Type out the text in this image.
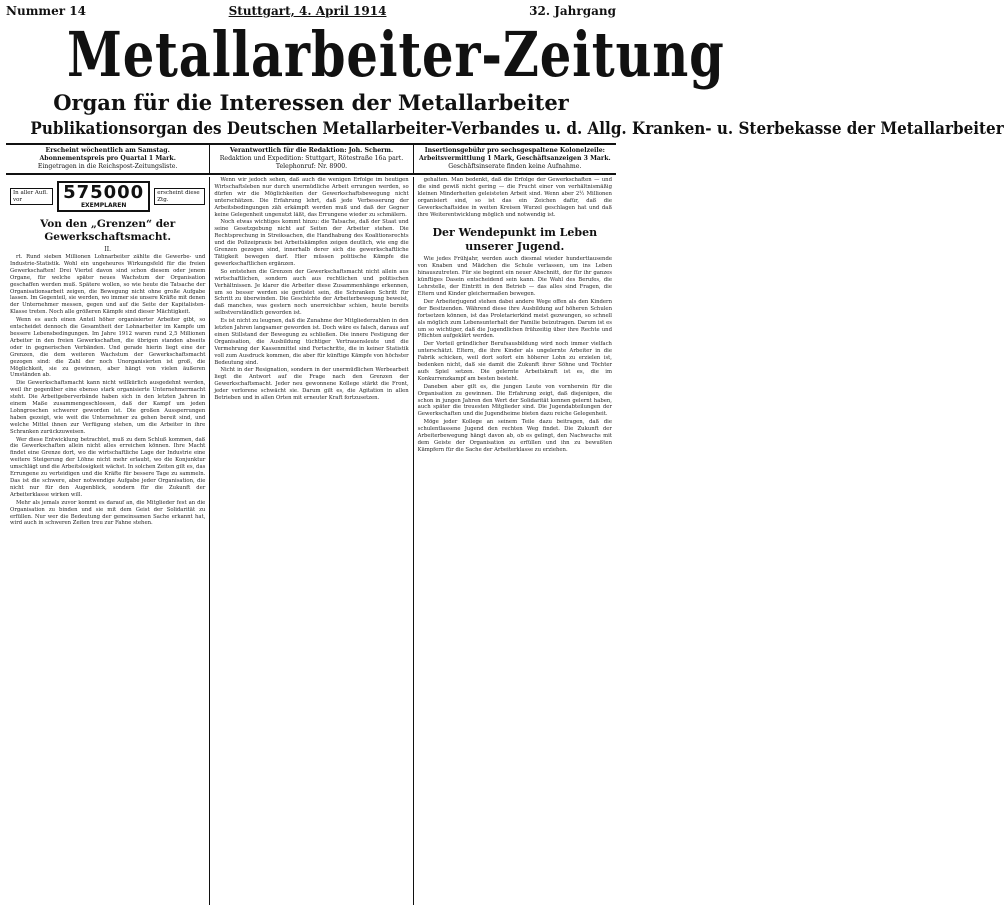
Nummer 14	Stuttgart, 4. April 1914	32. Jahrgang
Metallarbeiter-Zeitung
Organ für die Interessen der Metallarbeiter
Publikationsorgan des Deutschen Metallarbeiter-Verbandes u. d. Allg. Kranken- u. Sterbekasse der Metallarbeiter
Erscheint wöchentlich am Samstag.
Abonnementspreis pro Quartal 1 Mark.
Eingetragen in die Reichspost-Zeitungsliste.
Verantwortlich für die Redaktion: Joh. Scherm.
Redaktion und Expedition: Stuttgart, Rötestraße 16a part.
Telephonruf: Nr. 8900.
Insertionsgebühr pro sechsgespaltene Kolonelzeile:
Arbeitsvermittlung 1 Mark, Geschäftsanzeigen 3 Mark.
Geschäftsinserate finden keine Aufnahme.
In aller Aufl. vor	575000
EXEMPLAREN
erscheint diese Ztg.
Von den „Grenzen“ der Gewerkschaftsmacht.
II.

rt. Rund sieben Millionen Lohnarbeiter zählte die Gewerbe- und Industrie-Statistik. Wohl ein ungeheures Wirkungsfeld für die freien Gewerkschaften! Drei Viertel davon sind schon diesem oder jenem Organe, für welche später neues Wachstum der Organisation geschaffen werden muß. Spätere wollen, so wie heute die Tatsache der Organisationsarbeit zeigen, die Bewegung nicht ohne große Aufgabe lassen. Im Gegenteil, sie werden, wo immer sie unsere Kräfte mit denen der Unternehmer messen, gegen und auf die Seite der Kapitalisten-Klasse treten. Noch alle größeren Kämpfe sind dieser Mächtigkeit.

Wenn es auch einen Anteil höher organisierter Arbeiter gibt, so entscheidet dennoch die Gesamtheit der Lohnarbeiter im Kampfe um bessere Lebensbedingungen. Im Jahre 1912 waren rund 2,5 Millionen Arbeiter in den freien Gewerkschaften, die übrigen standen abseits oder in gegnerischen Verbänden. Und gerade hierin liegt eine der Grenzen, die dem weiteren Wachstum der Gewerkschaftsmacht gezogen sind: die Zahl der noch Unorganisierten ist groß, die Möglichkeit, sie zu gewinnen, aber hängt von vielen äußeren Umständen ab.

Die Gewerkschaftsmacht kann nicht willkürlich ausgedehnt werden, weil ihr gegenüber eine ebenso stark organisierte Unternehmermacht steht. Die Arbeitgeberverbände haben sich in den letzten Jahren in einem Maße zusammengeschlossen, daß der Kampf um jeden Lohngroschen schwerer geworden ist. Die großen Aussperrungen haben gezeigt, wie weit die Unternehmer zu gehen bereit sind, und welche Mittel ihnen zur Verfügung stehen, um die Arbeiter in ihre Schranken zurückzuweisen.

Wer diese Entwicklung betrachtet, muß zu dem Schluß kommen, daß die Gewerkschaften allein nicht alles erreichen können. Ihre Macht findet eine Grenze dort, wo die wirtschaftliche Lage der Industrie eine weitere Steigerung der Löhne nicht mehr erlaubt, wo die Konjunktur umschlägt und die Arbeitslosigkeit wächst. In solchen Zeiten gilt es, das Errungene zu verteidigen und die Kräfte für bessere Tage zu sammeln. Das ist die schwere, aber notwendige Aufgabe jeder Organisation, die nicht nur für den Augenblick, sondern für die Zukunft der Arbeiterklasse wirken will.

Mehr als jemals zuvor kommt es darauf an, die Mitglieder fest an die Organisation zu binden und sie mit dem Geist der Solidarität zu erfüllen. Nur wer die Bedeutung der gemeinsamen Sache erkannt hat, wird auch in schweren Zeiten treu zur Fahne stehen.

Wenn wir jedoch sehen, daß auch die wenigen Erfolge im heutigen Wirtschaftsleben nur durch unermüdliche Arbeit errungen werden, so dürfen wir die Möglichkeiten der Gewerkschaftsbewegung nicht unterschätzen. Die Erfahrung lehrt, daß jede Verbesserung der Arbeitsbedingungen zäh erkämpft werden muß und daß der Gegner keine Gelegenheit ungenutzt läßt, das Errungene wieder zu schmälern.

Noch etwas wichtiges kommt hinzu: die Tatsache, daß der Staat und seine Gesetzgebung nicht auf Seiten der Arbeiter stehen. Die Rechtsprechung in Streiksachen, die Handhabung des Koalitionsrechts und die Polizeipraxis bei Arbeitskämpfen zeigen deutlich, wie eng die Grenzen gezogen sind, innerhalb derer sich die gewerkschaftliche Tätigkeit bewegen darf. Hier müssen politische Kämpfe die gewerkschaftlichen ergänzen.

So entstehen die Grenzen der Gewerkschaftsmacht nicht allein aus wirtschaftlichen, sondern auch aus rechtlichen und politischen Verhältnissen. Je klarer die Arbeiter diese Zusammenhänge erkennen, um so besser werden sie gerüstet sein, die Schranken Schritt für Schritt zu überwinden. Die Geschichte der Arbeiterbewegung beweist, daß manches, was gestern noch unerreichbar schien, heute bereits selbstverständlich geworden ist.

Es ist nicht zu leugnen, daß die Zunahme der Mitgliederzahlen in den letzten Jahren langsamer geworden ist. Doch wäre es falsch, daraus auf einen Stillstand der Bewegung zu schließen. Die innere Festigung der Organisation, die Ausbildung tüchtiger Vertrauensleute und die Vermehrung der Kassenmittel sind Fortschritte, die in keiner Statistik voll zum Ausdruck kommen, die aber für künftige Kämpfe von höchster Bedeutung sind.

Nicht in der Resignation, sondern in der unermüdlichen Werbearbeit liegt die Antwort auf die Frage nach den Grenzen der Gewerkschaftsmacht. Jeder neu gewonnene Kollege stärkt die Front, jeder verlorene schwächt sie. Darum gilt es, die Agitation in allen Betrieben und in allen Orten mit erneuter Kraft fortzusetzen.

gehalten. Man bedenkt, daß die Erfolge der Gewerkschaften — und die sind gewiß nicht gering — die Frucht einer von verhältnismäßig kleinen Minderheiten geleisteten Arbeit sind. Wenn aber 2½ Millionen organisiert sind, so ist das ein Zeichen dafür, daß die Gewerkschaftsidee in weiten Kreisen Wurzel geschlagen hat und daß ihre Weiterentwicklung möglich und notwendig ist.

Der Wendepunkt im Leben unserer Jugend.

Wie jedes Frühjahr, werden auch diesmal wieder hunderttausende von Knaben und Mädchen die Schule verlassen, um ins Leben hinauszutreten. Für sie beginnt ein neuer Abschnitt, der für ihr ganzes künftiges Dasein entscheidend sein kann. Die Wahl des Berufes, die Lehrstelle, der Eintritt in den Betrieb — das alles sind Fragen, die Eltern und Kinder gleichermaßen bewegen.

Der Arbeiterjugend stehen dabei andere Wege offen als den Kindern der Besitzenden. Während diese ihre Ausbildung auf höheren Schulen fortsetzen können, ist das Proletarierkind meist gezwungen, so schnell als möglich zum Lebensunterhalt der Familie beizutragen. Darum ist es um so wichtiger, daß die Jugendlichen frühzeitig über ihre Rechte und Pflichten aufgeklärt werden.

Der Vorteil gründlicher Berufsausbildung wird noch immer vielfach unterschätzt. Eltern, die ihre Kinder als ungelernte Arbeiter in die Fabrik schicken, weil dort sofort ein höherer Lohn zu erzielen ist, bedenken nicht, daß sie damit die Zukunft ihrer Söhne und Töchter aufs Spiel setzen. Die gelernte Arbeitskraft ist es, die im Konkurrenzkampf am besten besteht.

Daneben aber gilt es, die jungen Leute von vornherein für die Organisation zu gewinnen. Die Erfahrung zeigt, daß diejenigen, die schon in jungen Jahren den Wert der Solidarität kennen gelernt haben, auch später die treuesten Mitglieder sind. Die Jugendabteilungen der Gewerkschaften und die Jugendheime bieten dazu reiche Gelegenheit.

Möge jeder Kollege an seinem Teile dazu beitragen, daß die schulentlassene Jugend den rechten Weg findet. Die Zukunft der Arbeiterbewegung hängt davon ab, ob es gelingt, den Nachwuchs mit dem Geiste der Organisation zu erfüllen und ihn zu bewußten Kämpfern für die Sache der Arbeiterklasse zu erziehen.
